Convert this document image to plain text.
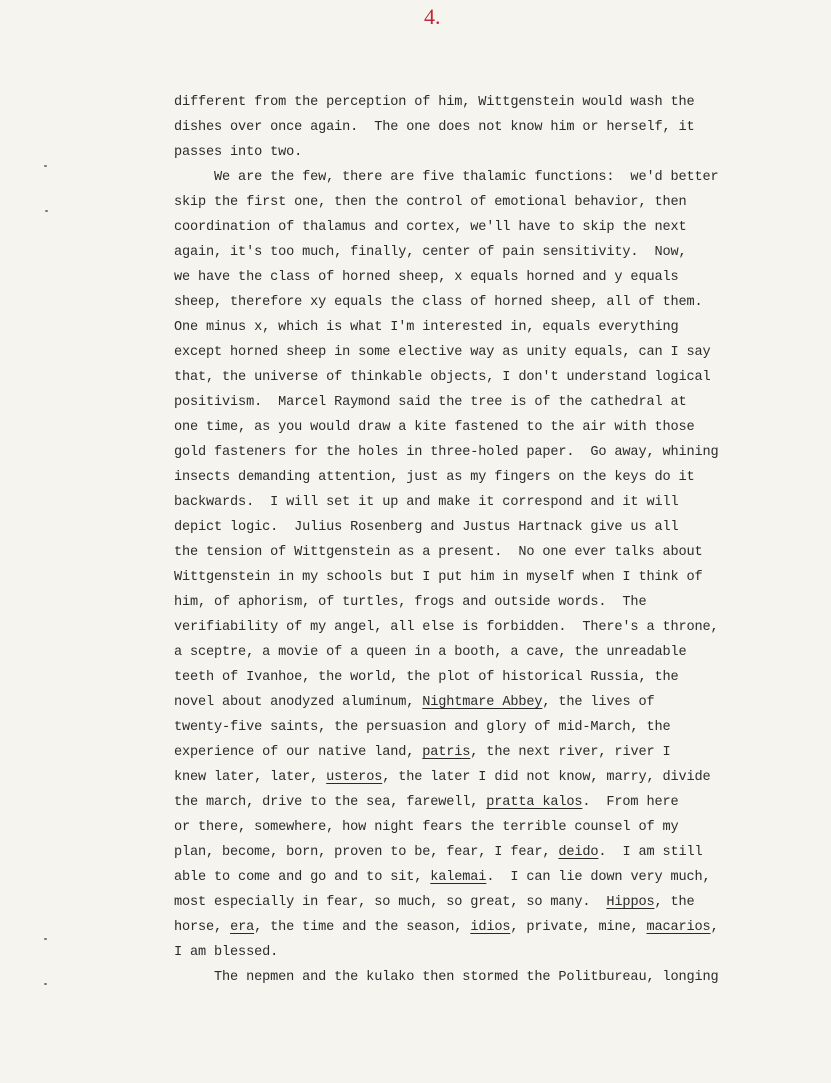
4.
different from the perception of him, Wittgenstein would wash the
dishes over once again.  The one does not know him or herself, it
passes into two.
We are the few, there are five thalamic functions:  we'd better
skip the first one, then the control of emotional behavior, then
coordination of thalamus and cortex, we'll have to skip the next
again, it's too much, finally, center of pain sensitivity.  Now,
we have the class of horned sheep, x equals horned and y equals
sheep, therefore xy equals the class of horned sheep, all of them.
One minus x, which is what I'm interested in, equals everything
except horned sheep in some elective way as unity equals, can I say
that, the universe of thinkable objects, I don't understand logical
positivism.  Marcel Raymond said the tree is of the cathedral at
one time, as you would draw a kite fastened to the air with those
gold fasteners for the holes in three-holed paper.  Go away, whining
insects demanding attention, just as my fingers on the keys do it
backwards.  I will set it up and make it correspond and it will
depict logic.  Julius Rosenberg and Justus Hartnack give us all
the tension of Wittgenstein as a present.  No one ever talks about
Wittgenstein in my schools but I put him in myself when I think of
him, of aphorism, of turtles, frogs and outside words.  The
verifiability of my angel, all else is forbidden.  There's a throne,
a sceptre, a movie of a queen in a booth, a cave, the unreadable
teeth of Ivanhoe, the world, the plot of historical Russia, the
novel about anodyzed aluminum, Nightmare Abbey, the lives of
twenty-five saints, the persuasion and glory of mid-March, the
experience of our native land, patris, the next river, river I
knew later, later, usteros, the later I did not know, marry, divide
the march, drive to the sea, farewell, pratta kalos.  From here
or there, somewhere, how night fears the terrible counsel of my
plan, become, born, proven to be, fear, I fear, deido.  I am still
able to come and go and to sit, kalemai.  I can lie down very much,
most especially in fear, so much, so great, so many.  Hippos, the
horse, era, the time and the season, idios, private, mine, macarios,
I am blessed.
The nepmen and the kulako then stormed the Politbureau, longing
